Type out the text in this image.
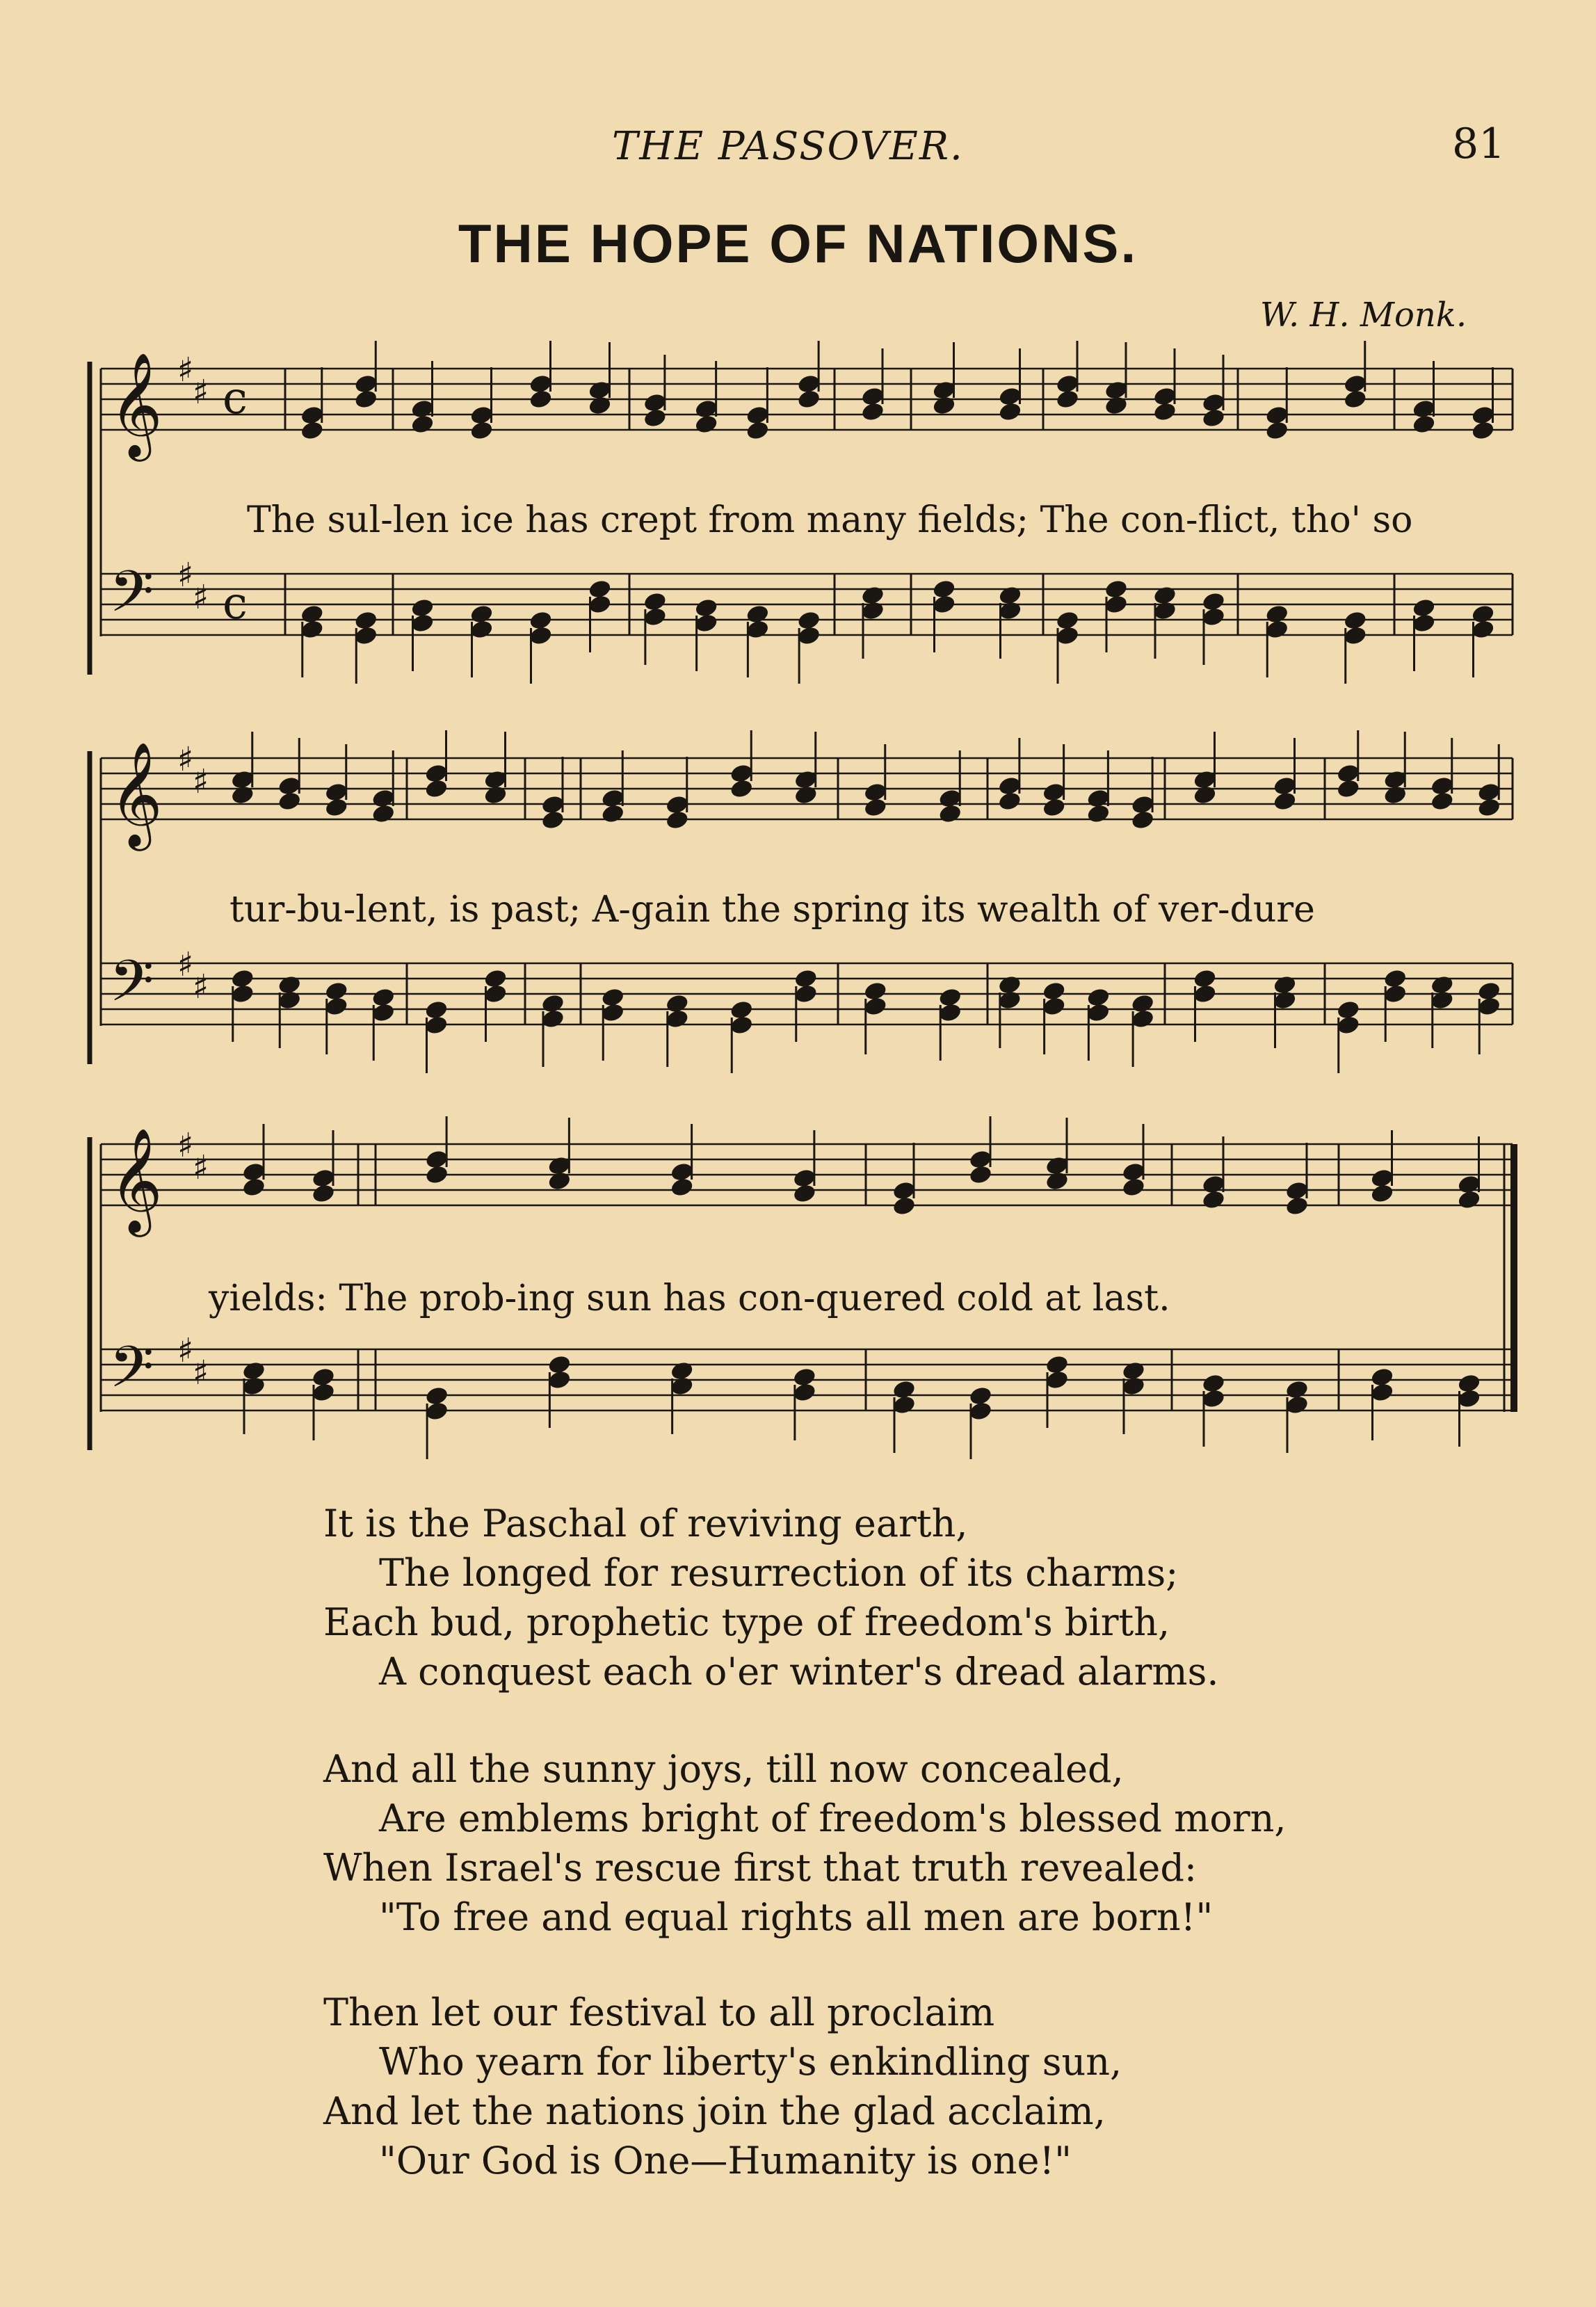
THE PASSOVER.	81
THE HOPE OF NATIONS.
W. H. Monk.
𝄞 ♯
♯ c
𝄢 ♯
♯ c
The sul-len ice has crept from many fields; The con-flict, tho' so
𝄞 ♯
♯
𝄢 ♯
♯
tur-bu-lent, is past; A-gain the spring its wealth of ver-dure
𝄞 ♯
♯
𝄢 ♯
♯
yields: The prob-ing sun has con-quered cold at last.
It is the Paschal of reviving earth,
The longed for resurrection of its charms;
Each bud, prophetic type of freedom's birth,
A conquest each o'er winter's dread alarms.
And all the sunny joys, till now concealed,
Are emblems bright of freedom's blessed morn,
When Israel's rescue first that truth revealed:
"To free and equal rights all men are born!"
Then let our festival to all proclaim
Who yearn for liberty's enkindling sun,
And let the nations join the glad acclaim,
"Our God is One—Humanity is one!"
